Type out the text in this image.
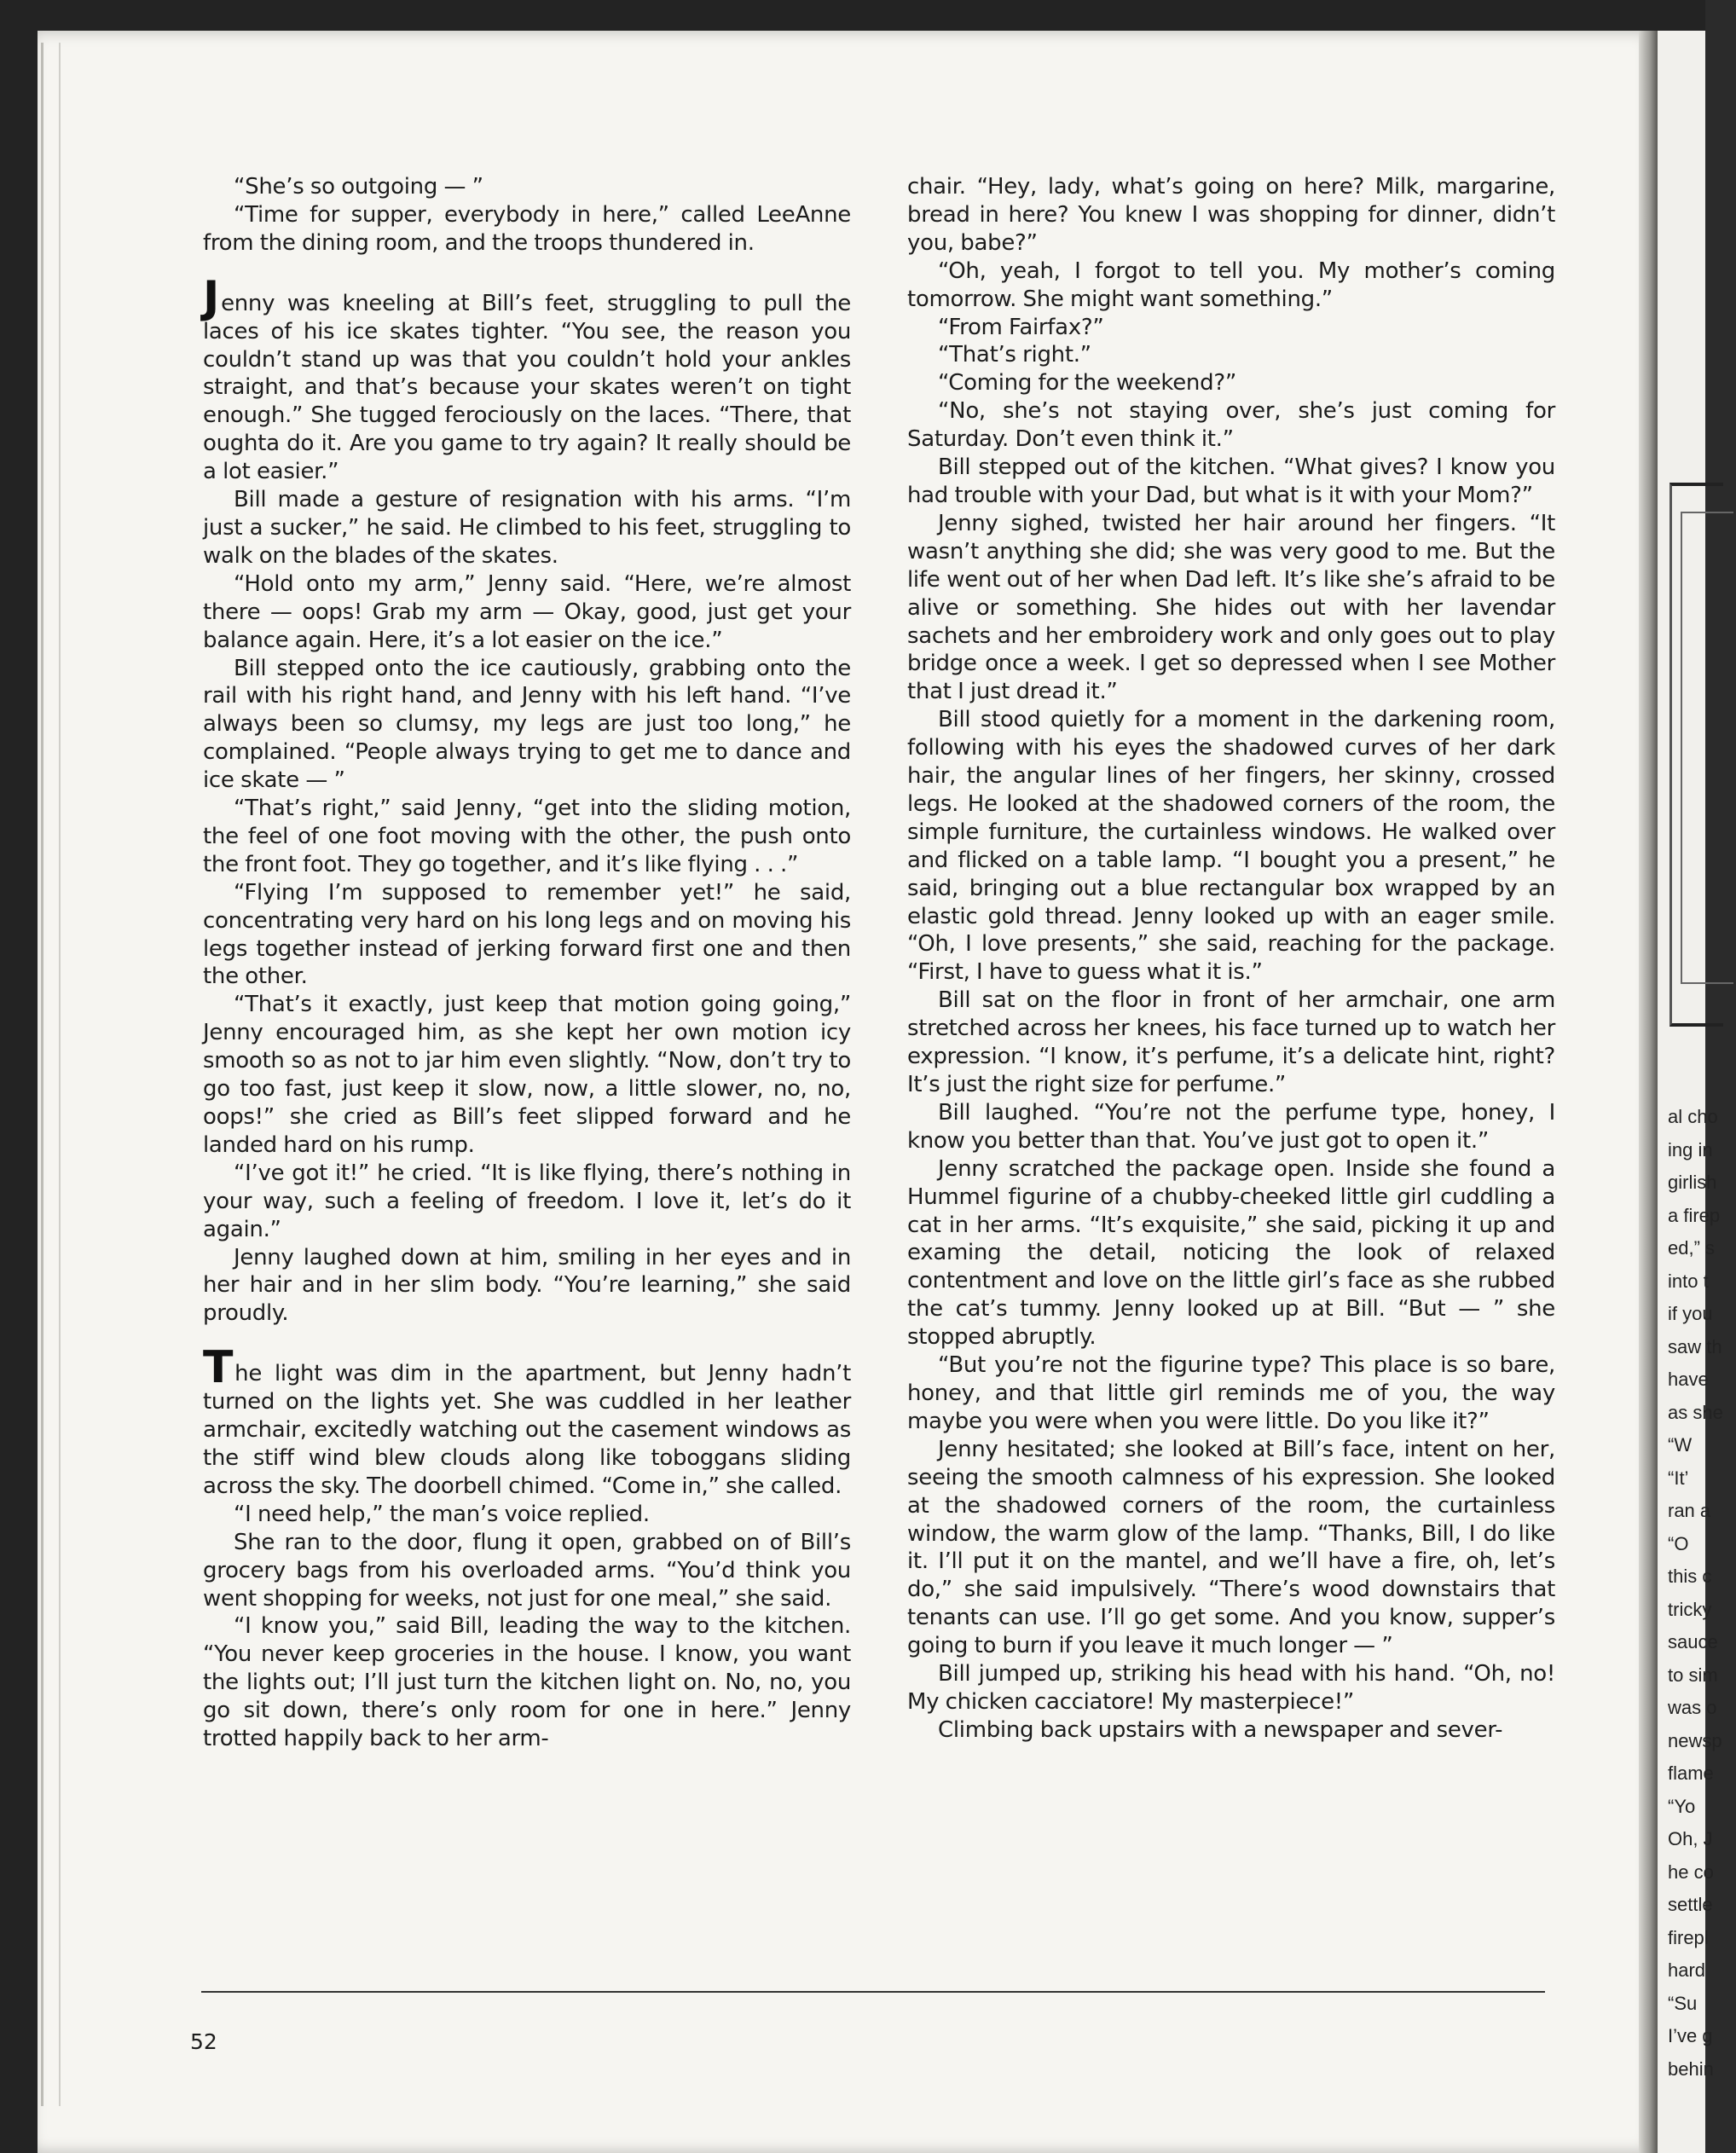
al cho
ing in
girlish
a firep
ed,” s
into t
if you
saw th
have
as she
“W
“It’
ran a
“O
this c
tricky
sauce
to sim
was o
newsp
flame
“Yo
Oh, J
he co
settle
firepl
hard
“Su
I’ve g
behin

“She’s so outgoing — ”

“Time for supper, everybody in here,” called LeeAnne from the dining room, and the troops thundered in.

Jenny was kneeling at Bill’s feet, struggling to pull the laces of his ice skates tighter. “You see, the reason you couldn’t stand up was that you couldn’t hold your ankles straight, and that’s because your skates weren’t on tight enough.” She tugged ferociously on the laces. “There, that oughta do it. Are you game to try again? It really should be a lot easier.”

Bill made a gesture of resignation with his arms. “I’m just a sucker,” he said. He climbed to his feet, struggling to walk on the blades of the skates.

“Hold onto my arm,” Jenny said. “Here, we’re almost there — oops! Grab my arm — Okay, good, just get your balance again. Here, it’s a lot easier on the ice.”

Bill stepped onto the ice cautiously, grabbing onto the rail with his right hand, and Jenny with his left hand. “I’ve always been so clumsy, my legs are just too long,” he complained. “People always trying to get me to dance and ice skate — ”

“That’s right,” said Jenny, “get into the sliding motion, the feel of one foot moving with the other, the push onto the front foot. They go together, and it’s like flying . . .”

“Flying I’m supposed to remember yet!” he said, concentrating very hard on his long legs and on moving his legs together instead of jerking forward first one and then the other.

“That’s it exactly, just keep that motion going going,” Jenny encouraged him, as she kept her own motion icy smooth so as not to jar him even slightly. “Now, don’t try to go too fast, just keep it slow, now, a little slower, no, no, oops!” she cried as Bill’s feet slipped forward and he landed hard on his rump.

“I’ve got it!” he cried. “It is like flying, there’s nothing in your way, such a feeling of freedom. I love it, let’s do it again.”

Jenny laughed down at him, smiling in her eyes and in her hair and in her slim body. “You’re learning,” she said proudly.

The light was dim in the apartment, but Jenny hadn’t turned on the lights yet. She was cuddled in her leather armchair, excitedly watching out the casement windows as the stiff wind blew clouds along like toboggans sliding across the sky. The doorbell chimed. “Come in,” she called.

“I need help,” the man’s voice replied.

She ran to the door, flung it open, grabbed on of Bill’s grocery bags from his overloaded arms. “You’d think you went shopping for weeks, not just for one meal,” she said.

“I know you,” said Bill, leading the way to the kitchen. “You never keep groceries in the house. I know, you want the lights out; I’ll just turn the kitchen light on. No, no, you go sit down, there’s only room for one in here.” Jenny trotted happily back to her arm-

chair. “Hey, lady, what’s going on here? Milk, margarine, bread in here? You knew I was shopping for dinner, didn’t you, babe?”

“Oh, yeah, I forgot to tell you. My mother’s coming tomorrow. She might want something.”

“From Fairfax?”

“That’s right.”

“Coming for the weekend?”

“No, she’s not staying over, she’s just coming for Saturday. Don’t even think it.”

Bill stepped out of the kitchen. “What gives? I know you had trouble with your Dad, but what is it with your Mom?”

Jenny sighed, twisted her hair around her fingers. “It wasn’t anything she did; she was very good to me. But the life went out of her when Dad left. It’s like she’s afraid to be alive or something. She hides out with her lavendar sachets and her embroidery work and only goes out to play bridge once a week. I get so depressed when I see Mother that I just dread it.”

Bill stood quietly for a moment in the darkening room, following with his eyes the shadowed curves of her dark hair, the angular lines of her fingers, her skinny, crossed legs. He looked at the shadowed corners of the room, the simple furniture, the curtainless windows. He walked over and flicked on a table lamp. “I bought you a present,” he said, bringing out a blue rectangular box wrapped by an elastic gold thread. Jenny looked up with an eager smile. “Oh, I love presents,” she said, reaching for the package. “First, I have to guess what it is.”

Bill sat on the floor in front of her armchair, one arm stretched across her knees, his face turned up to watch her expression. “I know, it’s perfume, it’s a delicate hint, right? It’s just the right size for perfume.”

Bill laughed. “You’re not the perfume type, honey, I know you better than that. You’ve just got to open it.”

Jenny scratched the package open. Inside she found a Hummel figurine of a chubby-cheeked little girl cuddling a cat in her arms. “It’s exquisite,” she said, picking it up and examing the detail, noticing the look of relaxed contentment and love on the little girl’s face as she rubbed the cat’s tummy. Jenny looked up at Bill. “But — ” she stopped abruptly.

“But you’re not the figurine type? This place is so bare, honey, and that little girl reminds me of you, the way maybe you were when you were little. Do you like it?”

Jenny hesitated; she looked at Bill’s face, intent on her, seeing the smooth calmness of his expression. She looked at the shadowed corners of the room, the curtainless window, the warm glow of the lamp. “Thanks, Bill, I do like it. I’ll put it on the mantel, and we’ll have a fire, oh, let’s do,” she said impulsively. “There’s wood downstairs that tenants can use. I’ll go get some. And you know, supper’s going to burn if you leave it much longer — ”

Bill jumped up, striking his head with his hand. “Oh, no! My chicken cacciatore! My masterpiece!”

Climbing back upstairs with a newspaper and sever-

52
